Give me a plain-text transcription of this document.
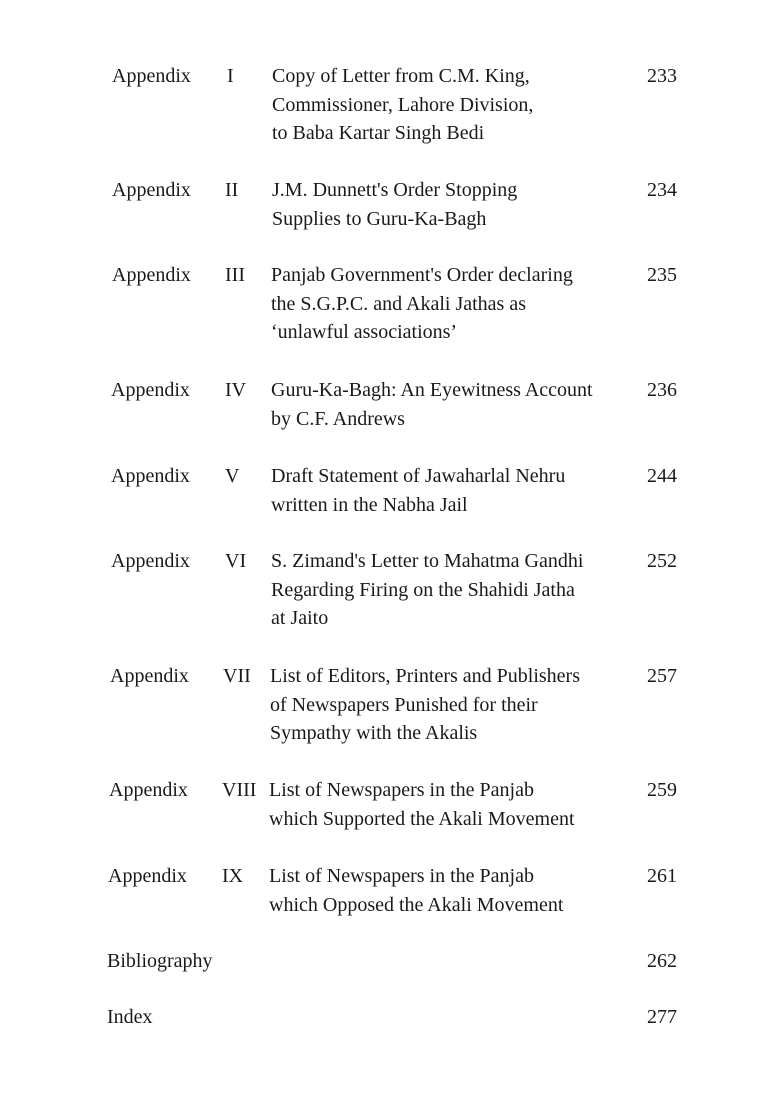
Appendix I Copy of Letter from C.M. King,
Commissioner, Lahore Division,
to Baba Kartar Singh Bedi
233
Appendix II J.M. Dunnett's Order Stopping
Supplies to Guru-Ka-Bagh
234
Appendix III Panjab Government's Order declaring
the S.G.P.C. and Akali Jathas as
‘unlawful associations’
235
Appendix IV Guru-Ka-Bagh: An Eyewitness Account
by C.F. Andrews
236
Appendix V Draft Statement of Jawaharlal Nehru
written in the Nabha Jail
244
Appendix VI S. Zimand's Letter to Mahatma Gandhi
Regarding Firing on the Shahidi Jatha
at Jaito
252
Appendix VII List of Editors, Printers and Publishers
of Newspapers Punished for their
Sympathy with the Akalis
257
Appendix VIII List of Newspapers in the Panjab
which Supported the Akali Movement
259
Appendix IX List of Newspapers in the Panjab
which Opposed the Akali Movement
261
Bibliography	262
Index	277
